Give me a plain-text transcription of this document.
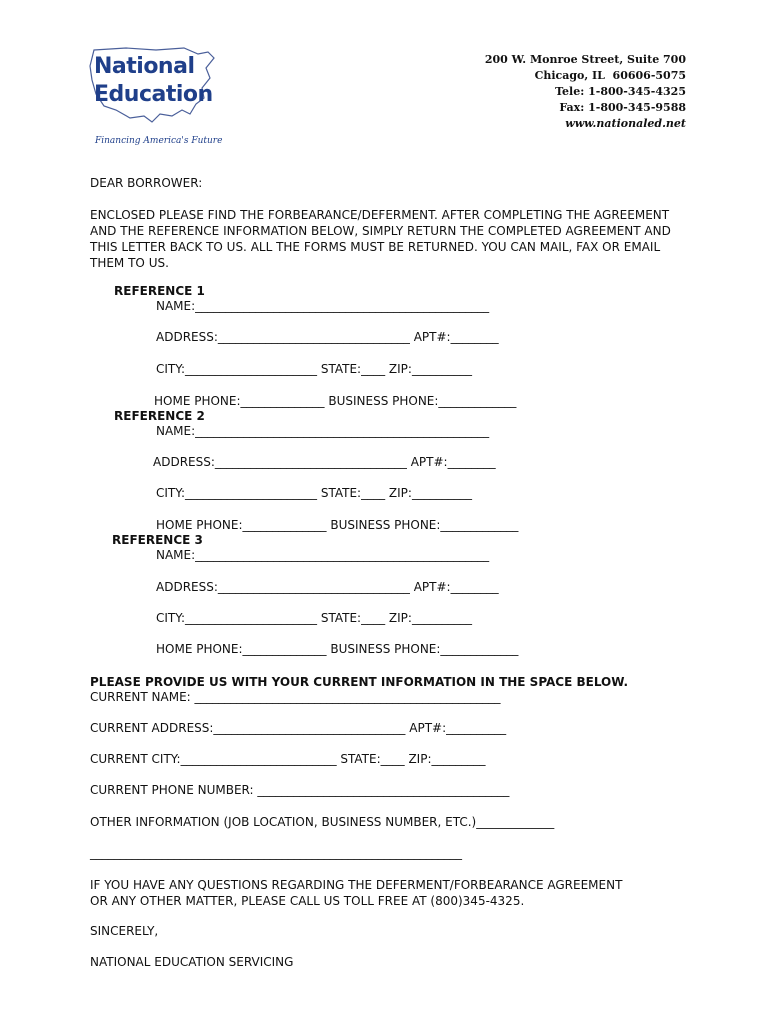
National
Education
Financing America's Future
200 W. Monroe Street, Suite 700
Chicago, IL  60606-5075
Tele: 1-800-345-4325
Fax: 1-800-345-9588
www.nationaled.net
DEAR BORROWER:
ENCLOSED PLEASE FIND THE FORBEARANCE/DEFERMENT. AFTER COMPLETING THE AGREEMENT AND THE REFERENCE INFORMATION BELOW, SIMPLY RETURN THE COMPLETED AGREEMENT AND THIS LETTER BACK TO US. ALL THE FORMS MUST BE RETURNED. YOU CAN MAIL, FAX OR EMAIL THEM TO US.
REFERENCE 1
NAME:_________________________________________________
ADDRESS:________________________________ APT#:________
CITY:______________________ STATE:____ ZIP:__________
HOME PHONE:______________ BUSINESS PHONE:_____________
REFERENCE 2
NAME:_________________________________________________
ADDRESS:________________________________ APT#:________
CITY:______________________ STATE:____ ZIP:__________
HOME PHONE:______________ BUSINESS PHONE:_____________
REFERENCE 3
NAME:_________________________________________________
ADDRESS:________________________________ APT#:________
CITY:______________________ STATE:____ ZIP:__________
HOME PHONE:______________ BUSINESS PHONE:_____________
PLEASE PROVIDE US WITH YOUR CURRENT INFORMATION IN THE SPACE BELOW.
CURRENT NAME: ___________________________________________________
CURRENT ADDRESS:________________________________ APT#:__________
CURRENT CITY:__________________________ STATE:____ ZIP:_________
CURRENT PHONE NUMBER: __________________________________________
OTHER INFORMATION (JOB LOCATION, BUSINESS NUMBER, ETC.)_____________
______________________________________________________________
IF YOU HAVE ANY QUESTIONS REGARDING THE DEFERMENT/FORBEARANCE AGREEMENT OR ANY OTHER MATTER, PLEASE CALL US TOLL FREE AT (800)345-4325.
SINCERELY,
NATIONAL EDUCATION SERVICING
